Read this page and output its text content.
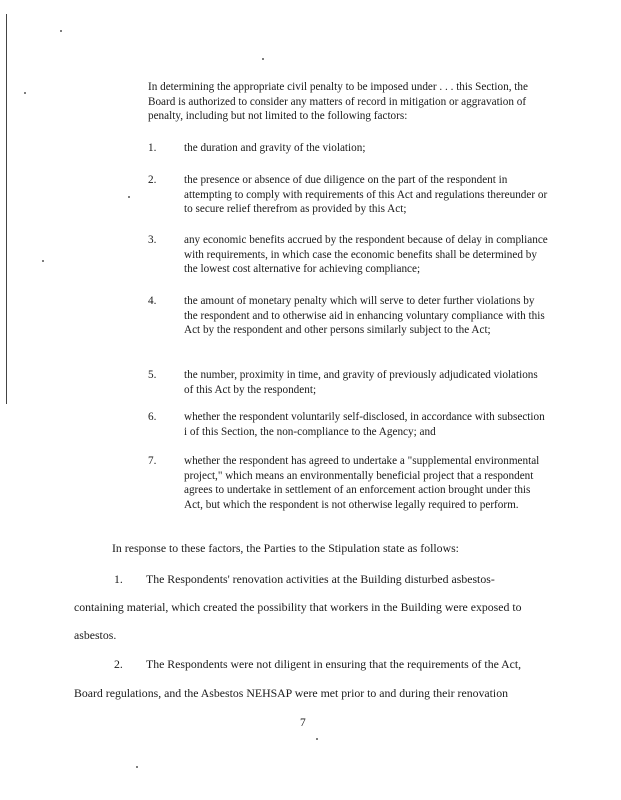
In determining the appropriate civil penalty to be imposed under . . . this Section, the Board is authorized to consider any matters of record in mitigation or aggravation of penalty, including but not limited to the following factors:

1. the duration and gravity of the violation;
2. the presence or absence of due diligence on the part of the respondent in attempting to comply with requirements of this Act and regulations thereunder or to secure relief therefrom as provided by this Act;
3. any economic benefits accrued by the respondent because of delay in compliance with requirements, in which case the economic benefits shall be determined by the lowest cost alternative for achieving compliance;
4. the amount of monetary penalty which will serve to deter further violations by the respondent and to otherwise aid in enhancing voluntary compliance with this Act by the respondent and other persons similarly subject to the Act;
5. the number, proximity in time, and gravity of previously adjudicated violations of this Act by the respondent;
6. whether the respondent voluntarily self-disclosed, in accordance with subsection i of this Section, the non-compliance to the Agency; and
7. whether the respondent has agreed to undertake a "supplemental environmental project," which means an environmentally beneficial project that a respondent agrees to undertake in settlement of an enforcement action brought under this Act, but which the respondent is not otherwise legally required to perform.

In response to these factors, the Parties to the Stipulation state as follows:

1. The Respondents' renovation activities at the Building disturbed asbestos-
containing material, which created the possibility that workers in the Building were exposed to
asbestos.
2. The Respondents were not diligent in ensuring that the requirements of the Act,
Board regulations, and the Asbestos NEHSAP were met prior to and during their renovation
7
